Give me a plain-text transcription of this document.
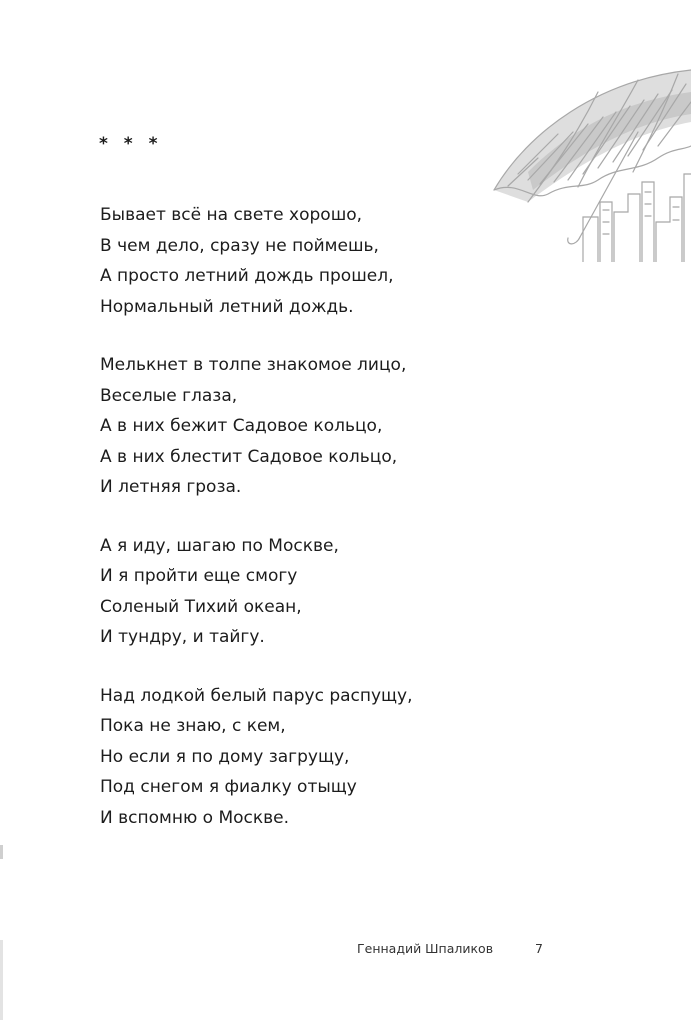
* * *
Бывает всё на свете хорошо,
В чем дело, сразу не поймешь,
А просто летний дождь прошел,
Нормальный летний дождь.
Мелькнет в толпе знакомое лицо,
Веселые глаза,
А в них бежит Садовое кольцо,
А в них блестит Садовое кольцо,
И летняя гроза.
А я иду, шагаю по Москве,
И я пройти еще смогу
Соленый Тихий океан,
И тундру, и тайгу.
Над лодкой белый парус распущу,
Пока не знаю, с кем,
Но если я по дому загрущу,
Под снегом я фиалку отыщу
И вспомню о Москве.
Геннадий Шпаликов	7
